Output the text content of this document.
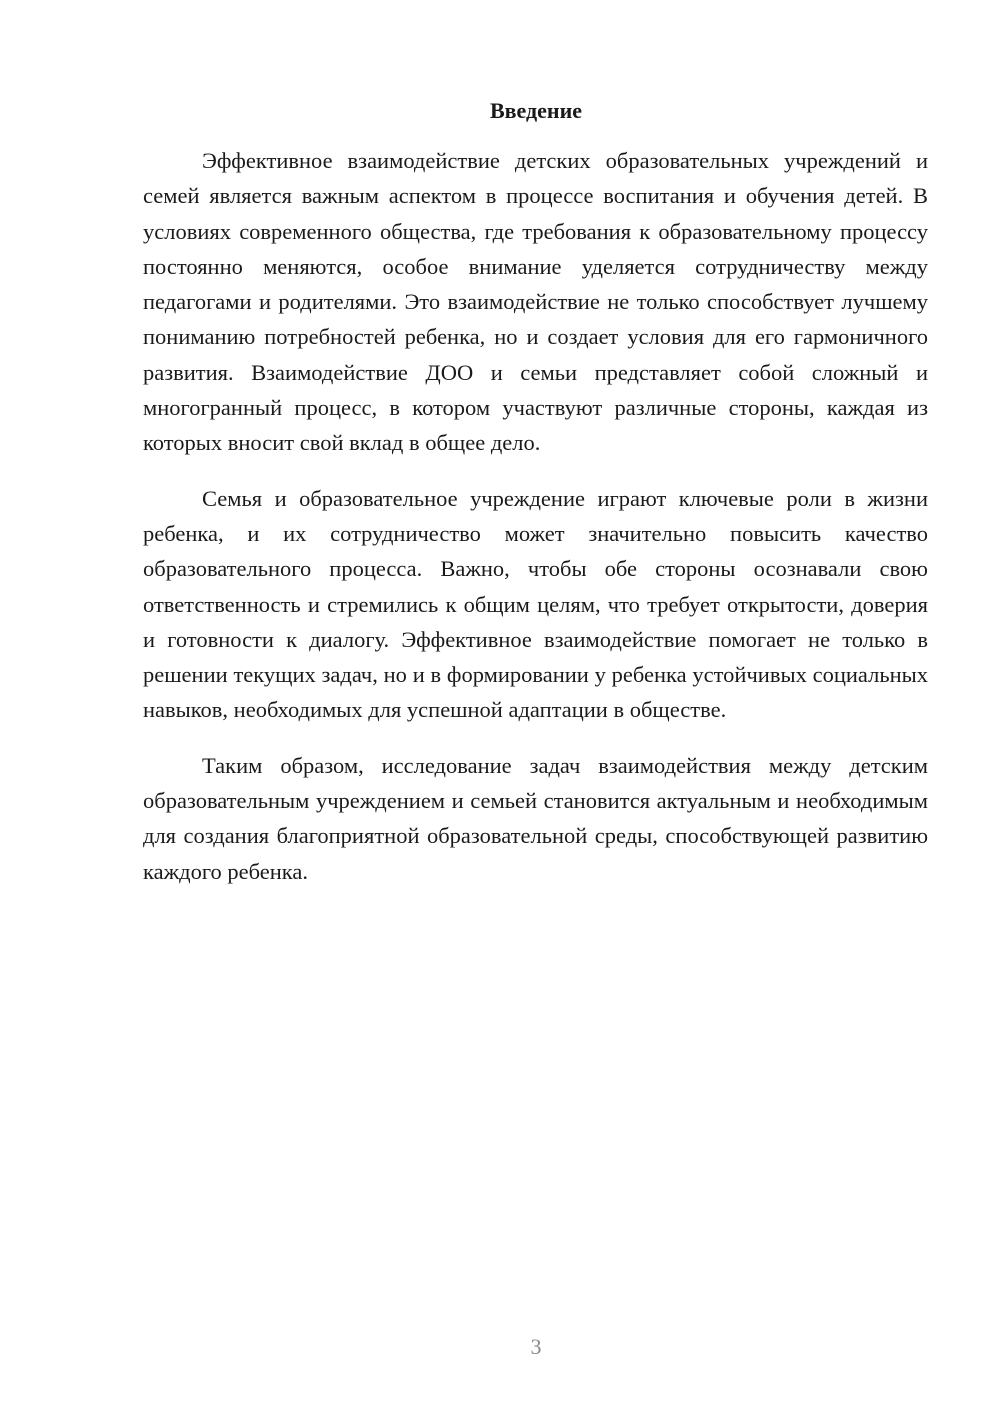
Введение

Эффективное взаимодействие детских образовательных учреждений и семей является важным аспектом в процессе воспитания и обучения детей. В условиях современного общества, где требования к образовательному процессу постоянно меняются, особое внимание уделяется сотрудничеству между педагогами и родителями. Это взаимодействие не только способствует лучшему пониманию потребностей ребенка, но и создает условия для его гармоничного развития. Взаимодействие ДОО и семьи представляет собой сложный и многогранный процесс, в котором участвуют различные стороны, каждая из которых вносит свой вклад в общее дело.

Семья и образовательное учреждение играют ключевые роли в жизни ребенка, и их сотрудничество может значительно повысить качество образовательного процесса. Важно, чтобы обе стороны осознавали свою ответственность и стремились к общим целям, что требует открытости, доверия и готовности к диалогу. Эффективное взаимодействие помогает не только в решении текущих задач, но и в формировании у ребенка устойчивых социальных навыков, необходимых для успешной адаптации в обществе.

Таким образом, исследование задач взаимодействия между детским образовательным учреждением и семьей становится актуальным и необходимым для создания благоприятной образовательной среды, способствующей развитию каждого ребенка.

3
